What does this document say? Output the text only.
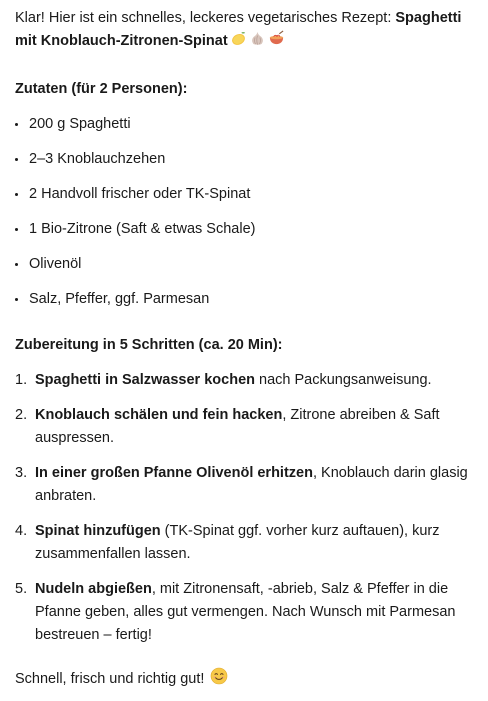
Klar! Hier ist ein schnelles, leckeres vegetarisches Rezept: Spaghetti mit Knoblauch-Zitronen-Spinat

Zutaten (für 2 Personen):

200 g Spaghetti
2–3 Knoblauchzehen
2 Handvoll frischer oder TK-Spinat
1 Bio-Zitrone (Saft & etwas Schale)
Olivenöl
Salz, Pfeffer, ggf. Parmesan

Zubereitung in 5 Schritten (ca. 20 Min):

1. Spaghetti in Salzwasser kochen nach Packungsanweisung.
2. Knoblauch schälen und fein hacken, Zitrone abreiben & Saft auspressen.
3. In einer großen Pfanne Olivenöl erhitzen, Knoblauch darin glasig anbraten.
4. Spinat hinzufügen (TK-Spinat ggf. vorher kurz auftauen), kurz zusammenfallen lassen.
5. Nudeln abgießen, mit Zitronensaft, -abrieb, Salz & Pfeffer in die Pfanne geben, alles gut vermengen. Nach Wunsch mit Parmesan bestreuen – fertig!

Schnell, frisch und richtig gut!
